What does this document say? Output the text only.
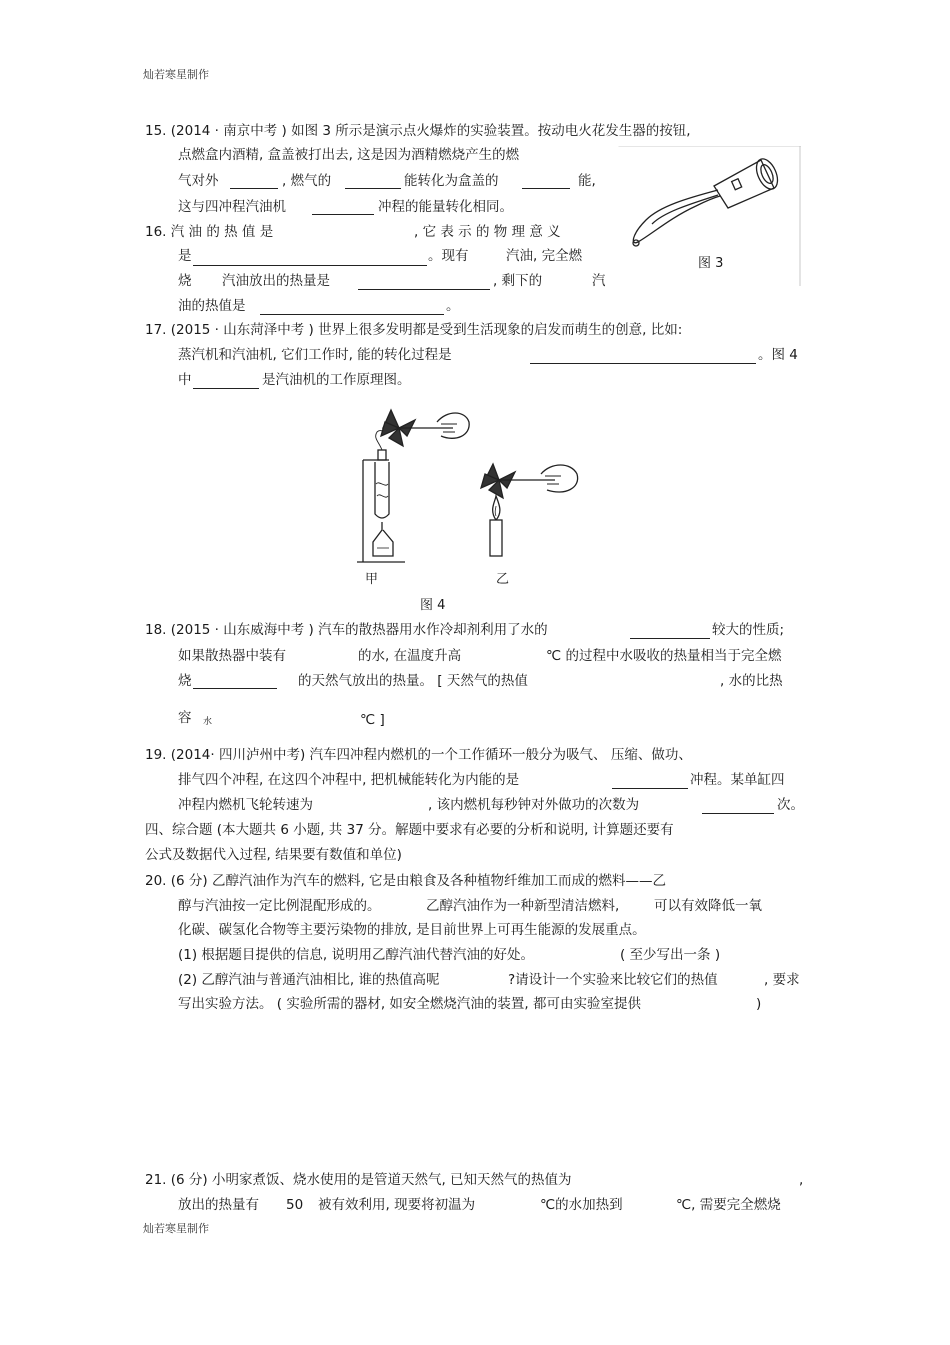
灿若寒星制作
15. (2014 · 南京中考 ) 如图 3 所示是演示点火爆炸的实验装置。按动电火花发生器的按钮,
点燃盒内酒精, 盒盖被打出去, 这是因为酒精燃烧产生的燃
气对外	, 燃气的	能转化为盒盖的	能,
这与四冲程汽油机	冲程的能量转化相同。
图 3
16. 汽 油 的 热 值 是	, 它 表 示 的 物 理 意 义
是	。现有	汽油, 完全燃
烧 汽油放出的热量是	, 剩下的	汽
油的热值是	。
17. (2015 · 山东菏泽中考 ) 世界上很多发明都是受到生活现象的启发而萌生的创意, 比如:
蒸汽机和汽油机, 它们工作时, 能的转化过程是	。图 4
中	是汽油机的工作原理图。
甲	乙
图 4
18. (2015 · 山东威海中考 ) 汽车的散热器用水作冷却剂利用了水的	较大的性质;
如果散热器中装有	的水, 在温度升高	℃ 的过程中水吸收的热量相当于完全燃
烧	的天然气放出的热量。 [ 天然气的热值	, 水的比热
容 水	℃ ]
19. (2014· 四川泸州中考) 汽车四冲程内燃机的一个工作循环一般分为吸气、 压缩、做功、
排气四个冲程, 在这四个冲程中, 把机械能转化为内能的是	冲程。某单缸四
冲程内燃机飞轮转速为	, 该内燃机每秒钟对外做功的次数为	次。
四、综合题 (本大题共 6 小题, 共 37 分。解题中要求有必要的分析和说明, 计算题还要有
公式及数据代入过程, 结果要有数值和单位)
20. (6 分) 乙醇汽油作为汽车的燃料, 它是由粮食及各种植物纤维加工而成的燃料——乙
醇与汽油按一定比例混配形成的。	乙醇汽油作为一种新型清洁燃料,	可以有效降低一氧
化碳、碳氢化合物等主要污染物的排放, 是目前世界上可再生能源的发展重点。
(1) 根据题目提供的信息, 说明用乙醇汽油代替汽油的好处。	( 至少写出一条 )
(2) 乙醇汽油与普通汽油相比, 谁的热值高呢	?请设计一个实验来比较它们的热值	, 要求
写出实验方法。 ( 实验所需的器材, 如安全燃烧汽油的装置, 都可由实验室提供	)
21. (6 分) 小明家煮饭、烧水使用的是管道天然气, 已知天然气的热值为	,
放出的热量有 50 被有效利用, 现要将初温为	℃的水加热到	℃, 需要完全燃烧
灿若寒星制作
